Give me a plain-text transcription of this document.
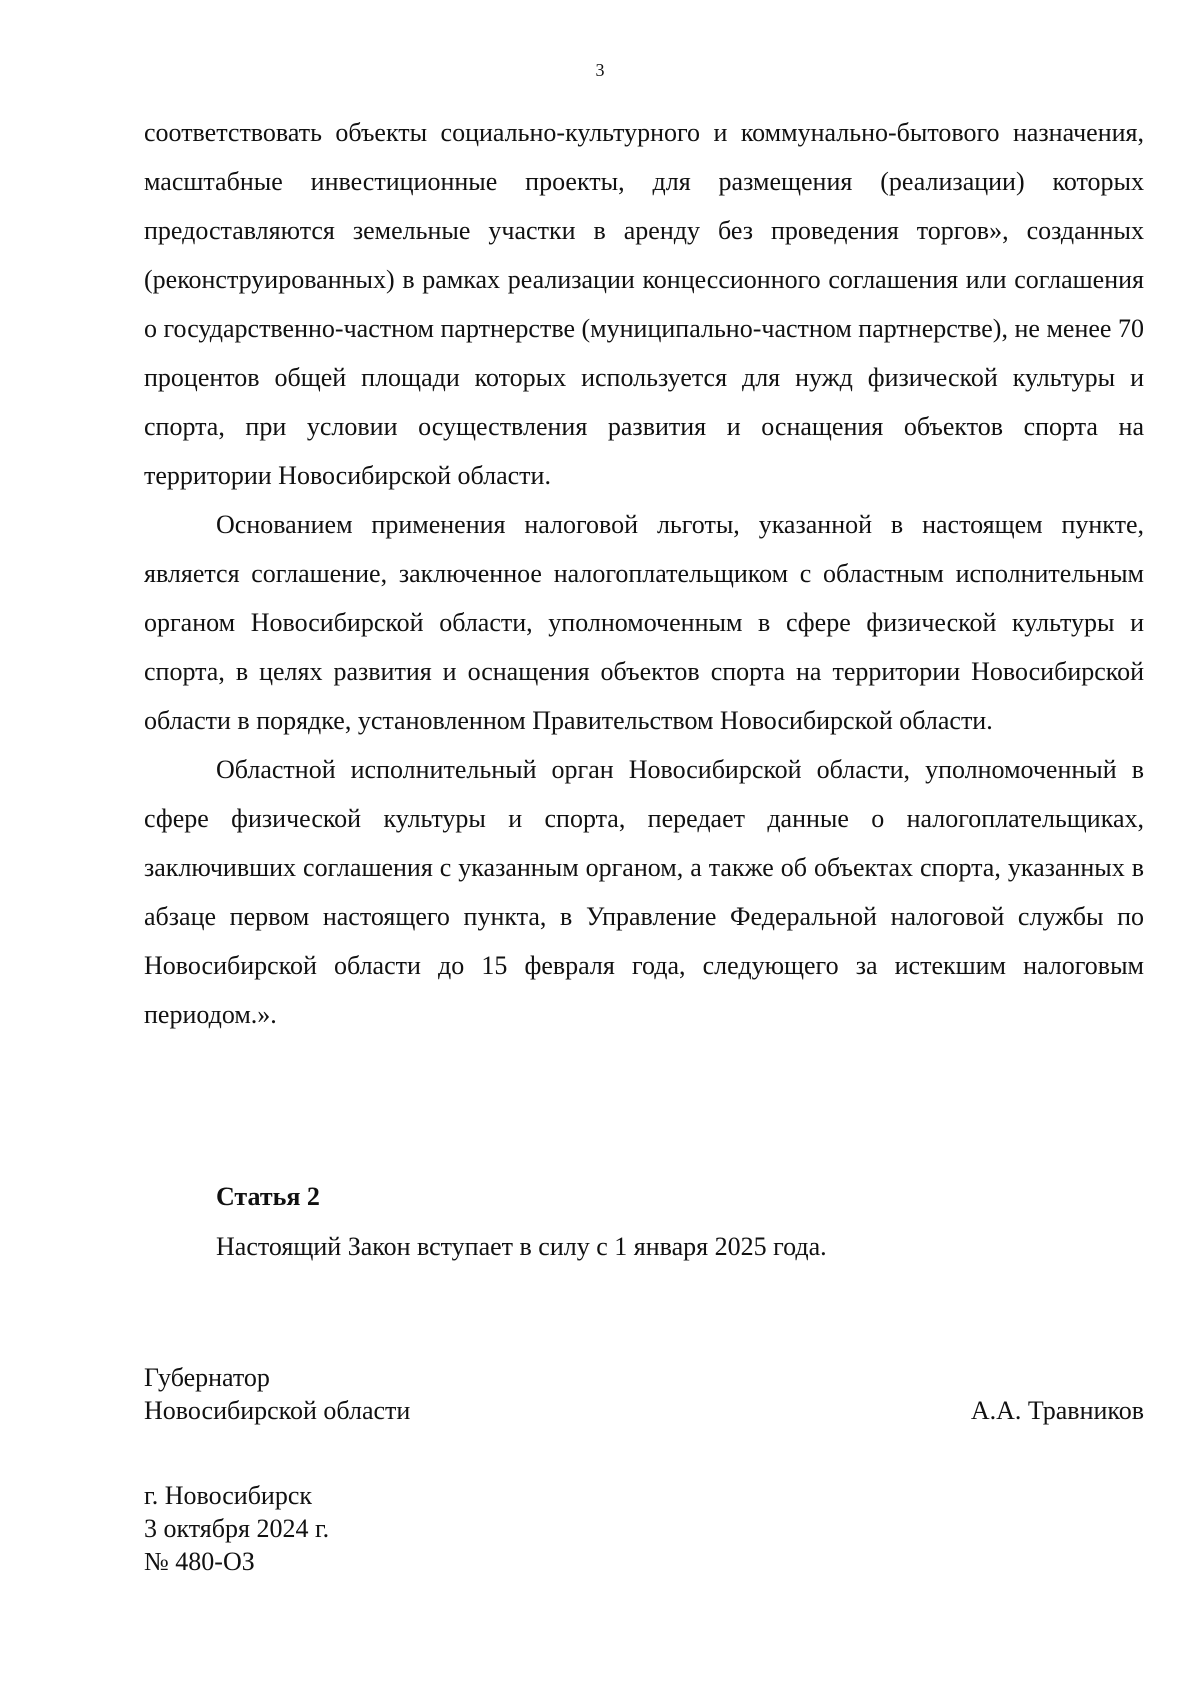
3

соответствовать объекты социально-культурного и коммунально-бытового назначения, масштабные инвестиционные проекты, для размещения (реализации) которых предоставляются земельные участки в аренду без проведения торгов», созданных (реконструированных) в рамках реализации концессионного соглашения или соглашения о государственно-частном партнерстве (муниципально-частном партнерстве), не менее 70 процентов общей площади которых используется для нужд физической культуры и спорта, при условии осуществления развития и оснащения объектов спорта на территории Новосибирской области.

Основанием применения налоговой льготы, указанной в настоящем пункте, является соглашение, заключенное налогоплательщиком с областным исполнительным органом Новосибирской области, уполномоченным в сфере физической культуры и спорта, в целях развития и оснащения объектов спорта на территории Новосибирской области в порядке, установленном Правительством Новосибирской области.

Областной исполнительный орган Новосибирской области, уполномоченный в сфере физической культуры и спорта, передает данные о налогоплательщиках, заключивших соглашения с указанным органом, а также об объектах спорта, указанных в абзаце первом настоящего пункта, в Управление Федеральной налоговой службы по Новосибирской области до 15 февраля года, следующего за истекшим налоговым периодом.».

Статья 2
Настоящий Закон вступает в силу с 1 января 2025 года.
Губернатор
Новосибирской области	А.А. Травников
г. Новосибирск
3 октября 2024 г.
№ 480-ОЗ
